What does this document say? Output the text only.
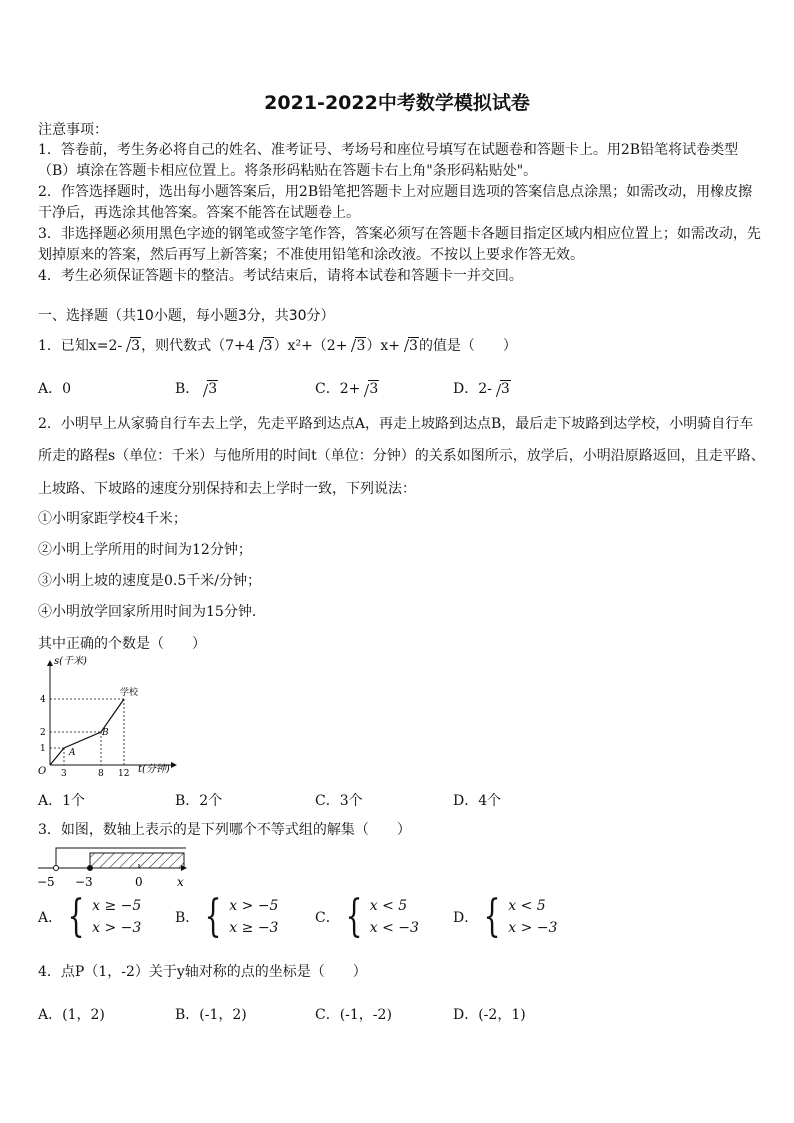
2021-2022中考数学模拟试卷
注意事项：
1．答卷前，考生务必将自己的姓名、准考证号、考场号和座位号填写在试题卷和答题卡上。用2B铅笔将试卷类型
（B）填涂在答题卡相应位置上。将条形码粘贴在答题卡右上角"条形码粘贴处"。
2．作答选择题时，选出每小题答案后，用2B铅笔把答题卡上对应题目选项的答案信息点涂黑；如需改动，用橡皮擦
干净后，再选涂其他答案。答案不能答在试题卷上。
3．非选择题必须用黑色字迹的钢笔或签字笔作答，答案必须写在答题卡各题目指定区域内相应位置上；如需改动，先
划掉原来的答案，然后再写上新答案；不准使用铅笔和涂改液。不按以上要求作答无效。
4．考生必须保证答题卡的整洁。考试结束后，请将本试卷和答题卡一并交回。
一、选择题（共10小题，每小题3分，共30分）
1．已知x=2- 3，则代数式（7+4 3）x²+（2+ 3）x+ 3的值是（　　）
A．0	B． 3	C．2+ 3	D．2- 3
2．小明早上从家骑自行车去上学，先走平路到达点A，再走上坡路到达点B，最后走下坡路到达学校，小明骑自行车
所走的路程s（单位：千米）与他所用的时间t（单位：分钟）的关系如图所示，放学后，小明沿原路返回，且走平路、
上坡路、下坡路的速度分别保持和去上学时一致，下列说法：
①小明家距学校4千米；
②小明上学所用的时间为12分钟；
③小明上坡的速度是0.5千米/分钟；
④小明放学回家所用时间为15分钟．
其中正确的个数是（　　）
s(千米)
t(分钟)
O
1
2
4
3	8 12
A
B
学校
A．1个	B．2个	C．3个	D．4个
3．如图，数轴上表示的是下列哪个不等式组的解集（　　）
−5 −3	0	x
A． { x ≥ −5
x > −3
B． { x > −5
x ≥ −3
C． { x < 5
x < −3
D． { x < 5
x > −3
4．点P（1，-2）关于y轴对称的点的坐标是（　　）
A．(1，2)	B．(-1，2)	C．(-1，-2)	D．(-2，1)
